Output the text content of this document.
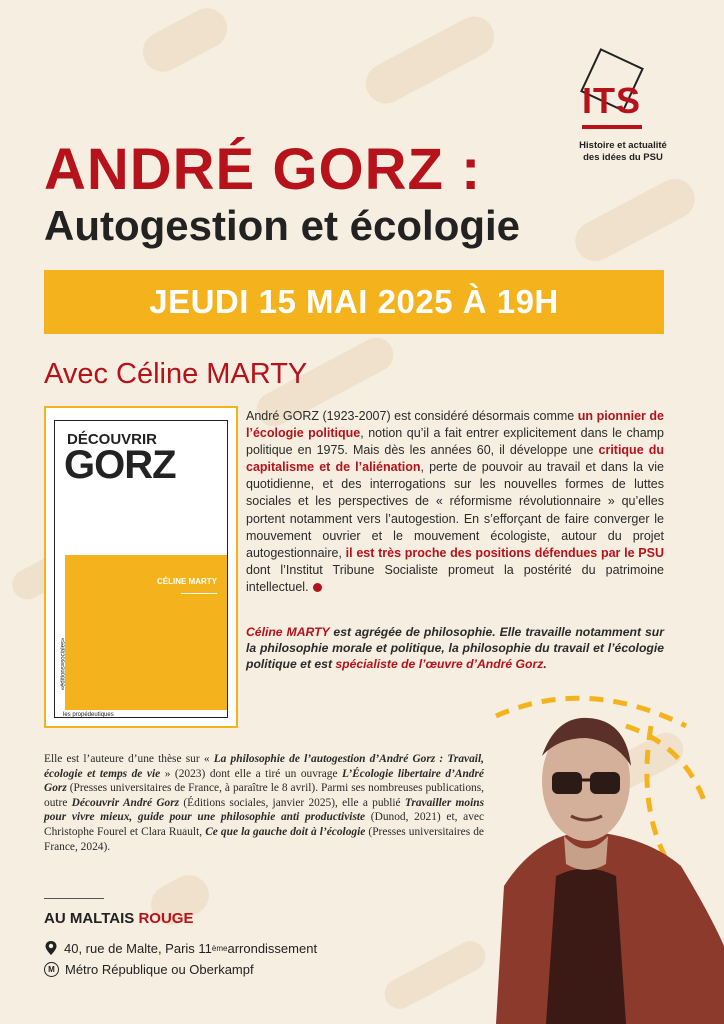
ITS
Histoire et actualité
des idées du PSU
ANDRÉ GORZ :
Autogestion et écologie
JEUDI 15 MAI 2025 À 19H
Avec Céline MARTY
DÉCOUVRIR
GORZ
CÉLINE MARTY
«éditions≡sociales»
les propédeutiques
André GORZ (1923-2007) est considéré désormais comme un pionnier de l’écologie politique, notion qu’il a fait entrer explicitement dans le champ politique en 1975. Mais dès les années 60, il développe une critique du capitalisme et de l’aliénation, perte de pouvoir au travail et dans la vie quotidienne, et des interrogations sur les nouvelles formes de luttes sociales et les perspectives de « réformisme révolutionnaire » qu’elles portent notamment vers l’autogestion. En s’efforçant de faire converger le mouvement ouvrier et le mouvement écologiste, autour du projet autogestionnaire, il est très proche des positions défendues par le PSU dont l’Institut Tribune Socialiste promeut la postérité du patrimoine intellectuel.
Céline MARTY est agrégée de philosophie. Elle travaille notamment sur la philosophie morale et politique, la philosophie du travail et l’écologie politique et est spécialiste de l’œuvre d’André Gorz.
Elle est l’auteure d’une thèse sur « La philosophie de l’autogestion d’André Gorz : Travail, écologie et temps de vie » (2023) dont elle a tiré un ouvrage L’Écologie libertaire d’André Gorz (Presses universitaires de France, à paraître le 8 avril). Parmi ses nombreuses publications, outre Découvrir André Gorz (Éditions sociales, janvier 2025), elle a publié Travailler moins pour vivre mieux, guide pour une philosophie anti productiviste (Dunod, 2021) et, avec Christophe Fourel et Clara Ruault, Ce que la gauche doit à l’écologie (Presses universitaires de France, 2024).
AU MALTAIS ROUGE
40, rue de Malte, Paris 11 ème arrondissement
M Métro République ou Oberkampf
